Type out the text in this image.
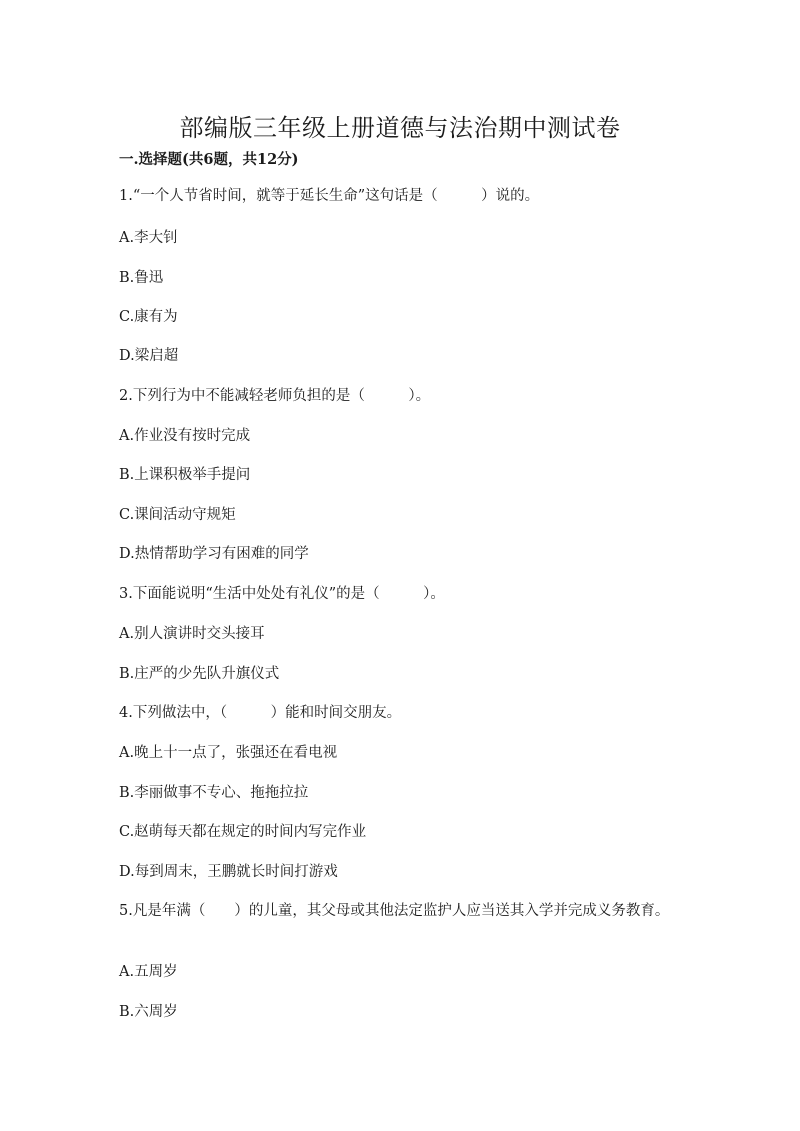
部编版三年级上册道德与法治期中测试卷
一.选择题(共6题，共12分)
1.“一个人节省时间，就等于延长生命”这句话是（　　　）说的。
A.李大钊
B.鲁迅
C.康有为
D.梁启超
2.下列行为中不能减轻老师负担的是（　　　）。
A.作业没有按时完成
B.上课积极举手提问
C.课间活动守规矩
D.热情帮助学习有困难的同学
3.下面能说明“生活中处处有礼仪”的是（　　　）。
A.别人演讲时交头接耳
B.庄严的少先队升旗仪式
4.下列做法中，（　　　）能和时间交朋友。
A.晚上十一点了，张强还在看电视
B.李丽做事不专心、拖拖拉拉
C.赵萌每天都在规定的时间内写完作业
D.每到周末，王鹏就长时间打游戏
5.凡是年满（　　）的儿童，其父母或其他法定监护人应当送其入学并完成义务教育。
A.五周岁
B.六周岁
